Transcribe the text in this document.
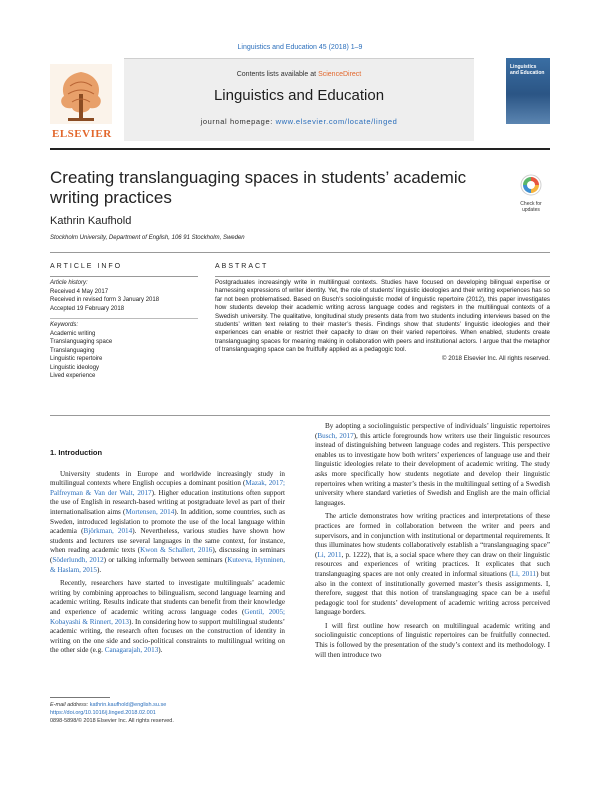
Linguistics and Education 45 (2018) 1–9
ELSEVIER
Contents lists available at ScienceDirect
Linguistics and Education
journal homepage: www.elsevier.com/locate/linged
Linguistics and Education
Creating translanguaging spaces in students’ academic writing practices	Check for updates
Kathrin Kaufhold
Stockholm University, Department of English, 106 91 Stockholm, Sweden
ARTICLE INFO	ABSTRACT
Article history:
Received 4 May 2017
Received in revised form 3 January 2018
Accepted 19 February 2018
Keywords:
Academic writing
Translanguaging space
Translanguaging
Linguistic repertoire
Linguistic ideology
Lived experience
Postgraduates increasingly write in multilingual contexts. Studies have focused on developing bilingual expertise or harnessing expressions of writer identity. Yet, the role of students’ linguistic ideologies and their writing experiences has so far not been problematised. Based on Busch’s sociolinguistic model of linguistic repertoire (2012), this paper investigates how students develop their academic writing across language codes and registers in the multilingual contexts of a Swedish university. The qualitative, longitudinal study presents data from two students including interviews based on the students’ written text relating to their master’s thesis. Findings show that students’ linguistic ideologies and their experiences can enable or restrict their capacity to draw on their varied repertoires. When enabled, students create translanguaging spaces for meaning making in collaboration with peers and institutional actors. I argue that the metaphor of translanguaging space can be fruitfully applied as a pedagogic tool.
© 2018 Elsevier Inc. All rights reserved.
1. Introduction

University students in Europe and worldwide increasingly study in multilingual contexts where English occupies a dominant position (Mazak, 2017; Palfreyman & Van der Walt, 2017). Higher education institutions often support the use of English in research-based writing at postgraduate level as part of their internationalisation aims (Mortensen, 2014). In addition, some countries, such as Sweden, introduced legislation to promote the use of the local language within academia (Björkman, 2014). Nevertheless, various studies have shown how students and lecturers use several languages in the same context, for instance, when reading academic texts (Kwon & Schallert, 2016), discussing in seminars (Söderlundh, 2012) or talking informally between seminars (Kuteeva, Hynninen, & Haslam, 2015).

Recently, researchers have started to investigate multilinguals’ academic writing by combining approaches to bilingualism, second language learning and academic writing. Results indicate that students can benefit from their knowledge and experience of academic writing across language codes (Gentil, 2005; Kobayashi & Rinnert, 2013). In considering how to support multilingual students’ academic writing, the research often focuses on the construction of identity in writing on the one side and socio-political constraints to multilingual writing on the other side (e.g. Canagarajah, 2013).

By adopting a sociolinguistic perspective of individuals’ linguistic repertoires (Busch, 2017), this article foregrounds how writers use their linguistic resources instead of distinguishing between language codes and registers. This perspective enables us to investigate how both writers’ experiences of language use and their linguistic ideologies relate to their development of academic writing. The study asks more specifically how students negotiate and develop their linguistic repertoires when writing a master’s thesis in the multilingual setting of a Swedish university where standard varieties of Swedish and English are the main official languages.

The article demonstrates how writing practices and interpretations of these practices are formed in collaboration between the writer and peers and supervisors, and in conjunction with institutional or departmental requirements. It thus illuminates how students collaboratively establish a “translanguaging space” (Li, 2011, p. 1222), that is, a social space where they can draw on their linguistic resources and experiences of writing practices. It explicates that such translanguaging spaces are not only created in informal situations (Li, 2011) but also in the context of institutionally governed master’s thesis assignments. I, therefore, suggest that this notion of translanguaging space can be a useful pedagogic tool for students’ development of academic writing across perceived language borders.

I will first outline how research on multilingual academic writing and sociolinguistic conceptions of linguistic repertoires can be fruitfully connected. This is followed by the presentation of the study’s context and its methodology. I will then introduce two

E-mail address: kathrin.kaufhold@english.su.se
https://doi.org/10.1016/j.linged.2018.02.001
0898-5898/© 2018 Elsevier Inc. All rights reserved.
